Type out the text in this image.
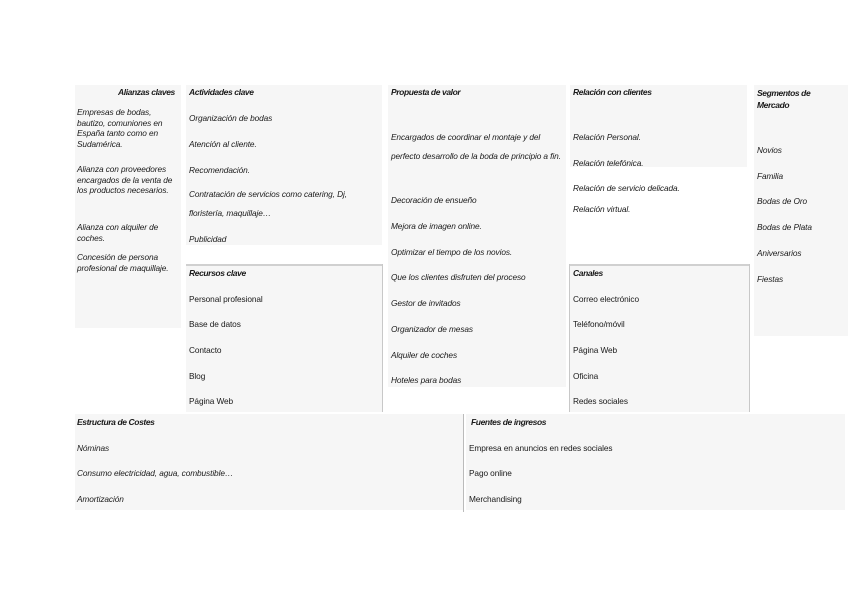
Alianzas claves
Empresas de bodas, bautizo, comuniones en España tanto como en Sudamérica.
Alianza con proveedores encargados de la venta de los productos necesarios.
Alianza con alquiler de coches.
Concesión de persona profesional de maquillaje.
Actividades clave
Organización de bodas
Atención al cliente.
Recomendación.
Contratación de servicios como catering, Dj, floristería, maquillaje…
Publicidad
Recursos clave
Personal profesional
Base de datos
Contacto
Blog
Página Web
Propuesta de valor
Encargados de coordinar el montaje y del perfecto desarrollo de la boda de principio a fin.
Decoración de ensueño
Mejora de imagen online.
Optimizar el tiempo de los novios.
Que los clientes disfruten del proceso
Gestor de invitados
Organizador de mesas
Alquiler de coches
Hoteles para bodas
Relación con clientes
Relación Personal.
Relación telefónica.
Relación de servicio delicada.
Relación virtual.
Canales
Correo electrónico
Teléfono/móvil
Página Web
Oficina
Redes sociales
Segmentos de Mercado
Novios
Familia
Bodas de Oro
Bodas de Plata
Aniversarios
Fiestas
Estructura de Costes
Nóminas
Consumo electricidad, agua, combustible…
Amortización
Fuentes de ingresos
Empresa en anuncios en redes sociales
Pago online
Merchandising
